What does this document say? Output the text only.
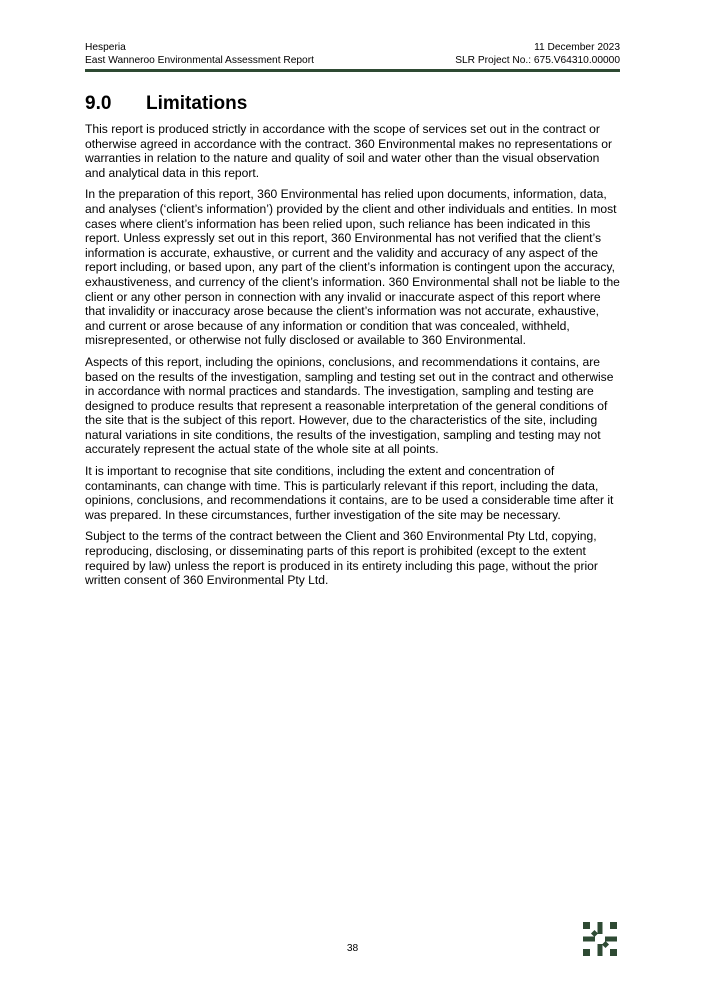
Hesperia	11 December 2023
East Wanneroo Environmental Assessment Report	SLR Project No.: 675.V64310.00000
9.0	Limitations

This report is produced strictly in accordance with the scope of services set out in the contract or otherwise agreed in accordance with the contract. 360 Environmental makes no representations or warranties in relation to the nature and quality of soil and water other than the visual observation and analytical data in this report.

In the preparation of this report, 360 Environmental has relied upon documents, information, data, and analyses (‘client’s information’) provided by the client and other individuals and entities. In most cases where client’s information has been relied upon, such reliance has been indicated in this report. Unless expressly set out in this report, 360 Environmental has not verified that the client’s information is accurate, exhaustive, or current and the validity and accuracy of any aspect of the report including, or based upon, any part of the client’s information is contingent upon the accuracy, exhaustiveness, and currency of the client’s information. 360 Environmental shall not be liable to the client or any other person in connection with any invalid or inaccurate aspect of this report where that invalidity or inaccuracy arose because the client’s information was not accurate, exhaustive, and current or arose because of any information or condition that was concealed, withheld, misrepresented, or otherwise not fully disclosed or available to 360 Environmental.

Aspects of this report, including the opinions, conclusions, and recommendations it contains, are based on the results of the investigation, sampling and testing set out in the contract and otherwise in accordance with normal practices and standards. The investigation, sampling and testing are designed to produce results that represent a reasonable interpretation of the general conditions of the site that is the subject of this report. However, due to the characteristics of the site, including natural variations in site conditions, the results of the investigation, sampling and testing may not accurately represent the actual state of the whole site at all points.

It is important to recognise that site conditions, including the extent and concentration of contaminants, can change with time. This is particularly relevant if this report, including the data, opinions, conclusions, and recommendations it contains, are to be used a considerable time after it was prepared. In these circumstances, further investigation of the site may be necessary.

Subject to the terms of the contract between the Client and 360 Environmental Pty Ltd, copying, reproducing, disclosing, or disseminating parts of this report is prohibited (except to the extent required by law) unless the report is produced in its entirety including this page, without the prior written consent of 360 Environmental Pty Ltd.

38
